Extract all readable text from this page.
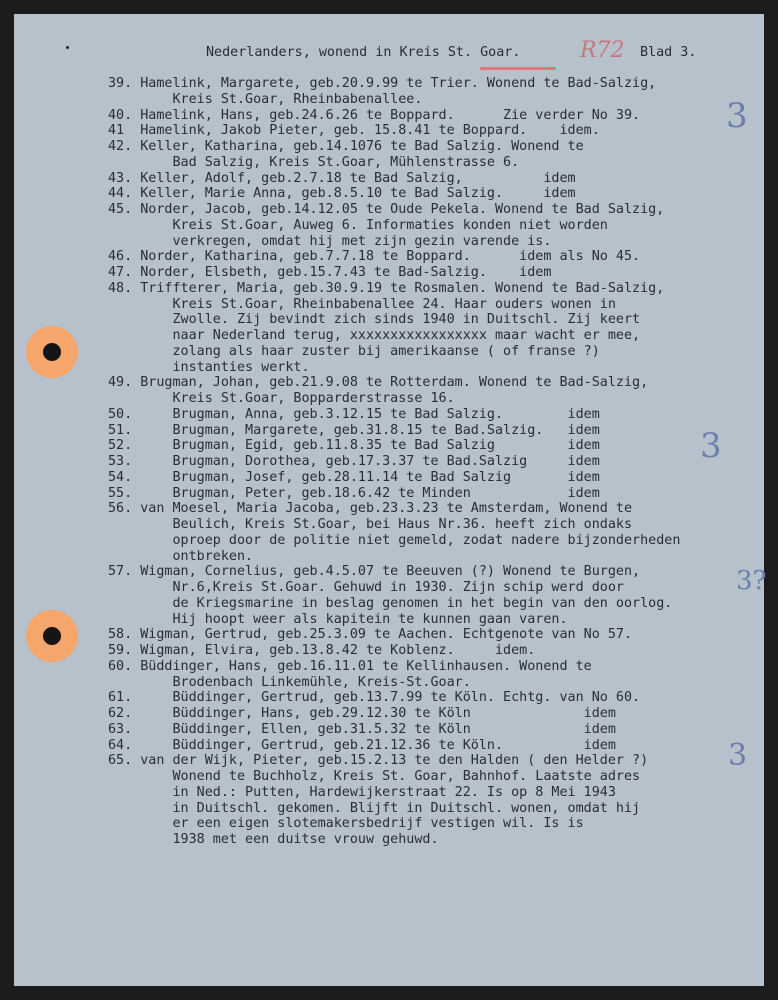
Nederlanders, wonend in Kreis St. Goar.	R72 Blad 3.
39. Hamelink, Margarete, geb.20.9.99 te Trier. Wonend te Bad-Salzig,
Kreis St.Goar, Rheinbabenallee.
40. Hamelink, Hans, geb.24.6.26 te Boppard.      Zie verder No 39.
41  Hamelink, Jakob Pieter, geb. 15.8.41 te Boppard.    idem.
42. Keller, Katharina, geb.14.1076 te Bad Salzig. Wonend te
Bad Salzig, Kreis St.Goar, Mühlenstrasse 6.
43. Keller, Adolf, geb.2.7.18 te Bad Salzig,          idem
44. Keller, Marie Anna, geb.8.5.10 te Bad Salzig.     idem
45. Norder, Jacob, geb.14.12.05 te Oude Pekela. Wonend te Bad Salzig,
Kreis St.Goar, Auweg 6. Informaties konden niet worden
verkregen, omdat hij met zijn gezin varende is.
46. Norder, Katharina, geb.7.7.18 te Boppard.      idem als No 45.
47. Norder, Elsbeth, geb.15.7.43 te Bad-Salzig.    idem
48. Triffterer, Maria, geb.30.9.19 te Rosmalen. Wonend te Bad-Salzig,
Kreis St.Goar, Rheinbabenallee 24. Haar ouders wonen in
Zwolle. Zij bevindt zich sinds 1940 in Duitschl. Zij keert
naar Nederland terug, xxxxxxxxxxxxxxxxx maar wacht er mee,
zolang als haar zuster bij amerikaanse ( of franse ?)
instanties werkt.
49. Brugman, Johan, geb.21.9.08 te Rotterdam. Wonend te Bad-Salzig,
Kreis St.Goar, Bopparderstrasse 16.
50.     Brugman, Anna, geb.3.12.15 te Bad Salzig.        idem
51.     Brugman, Margarete, geb.31.8.15 te Bad.Salzig.   idem
52.     Brugman, Egid, geb.11.8.35 te Bad Salzig         idem
53.     Brugman, Dorothea, geb.17.3.37 te Bad.Salzig     idem
54.     Brugman, Josef, geb.28.11.14 te Bad Salzig       idem
55.     Brugman, Peter, geb.18.6.42 te Minden            idem
56. van Moesel, Maria Jacoba, geb.23.3.23 te Amsterdam, Wonend te
Beulich, Kreis St.Goar, bei Haus Nr.36. heeft zich ondaks
oproep door de politie niet gemeld, zodat nadere bijzonderheden
ontbreken.
57. Wigman, Cornelius, geb.4.5.07 te Beeuven (?) Wonend te Burgen,
Nr.6,Kreis St.Goar. Gehuwd in 1930. Zijn schip werd door
de Kriegsmarine in beslag genomen in het begin van den oorlog.
Hij hoopt weer als kapitein te kunnen gaan varen.
58. Wigman, Gertrud, geb.25.3.09 te Aachen. Echtgenote van No 57.
59. Wigman, Elvira, geb.13.8.42 te Koblenz.     idem.
60. Büddinger, Hans, geb.16.11.01 te Kellinhausen. Wonend te
Brodenbach Linkemühle, Kreis-St.Goar.
61.     Büddinger, Gertrud, geb.13.7.99 te Köln. Echtg. van No 60.
62.     Büddinger, Hans, geb.29.12.30 te Köln              idem
63.     Büddinger, Ellen, geb.31.5.32 te Köln              idem
64.     Büddinger, Gertrud, geb.21.12.36 te Köln.          idem
65. van der Wijk, Pieter, geb.15.2.13 te den Halden ( den Helder ?)
Wonend te Buchholz, Kreis St. Goar, Bahnhof. Laatste adres
in Ned.: Putten, Hardewijkerstraat 22. Is op 8 Mei 1943
in Duitschl. gekomen. Blijft in Duitschl. wonen, omdat hij
er een eigen slotemakersbedrijf vestigen wil. Is is
1938 met een duitse vrouw gehuwd.
3
3
3?
3
